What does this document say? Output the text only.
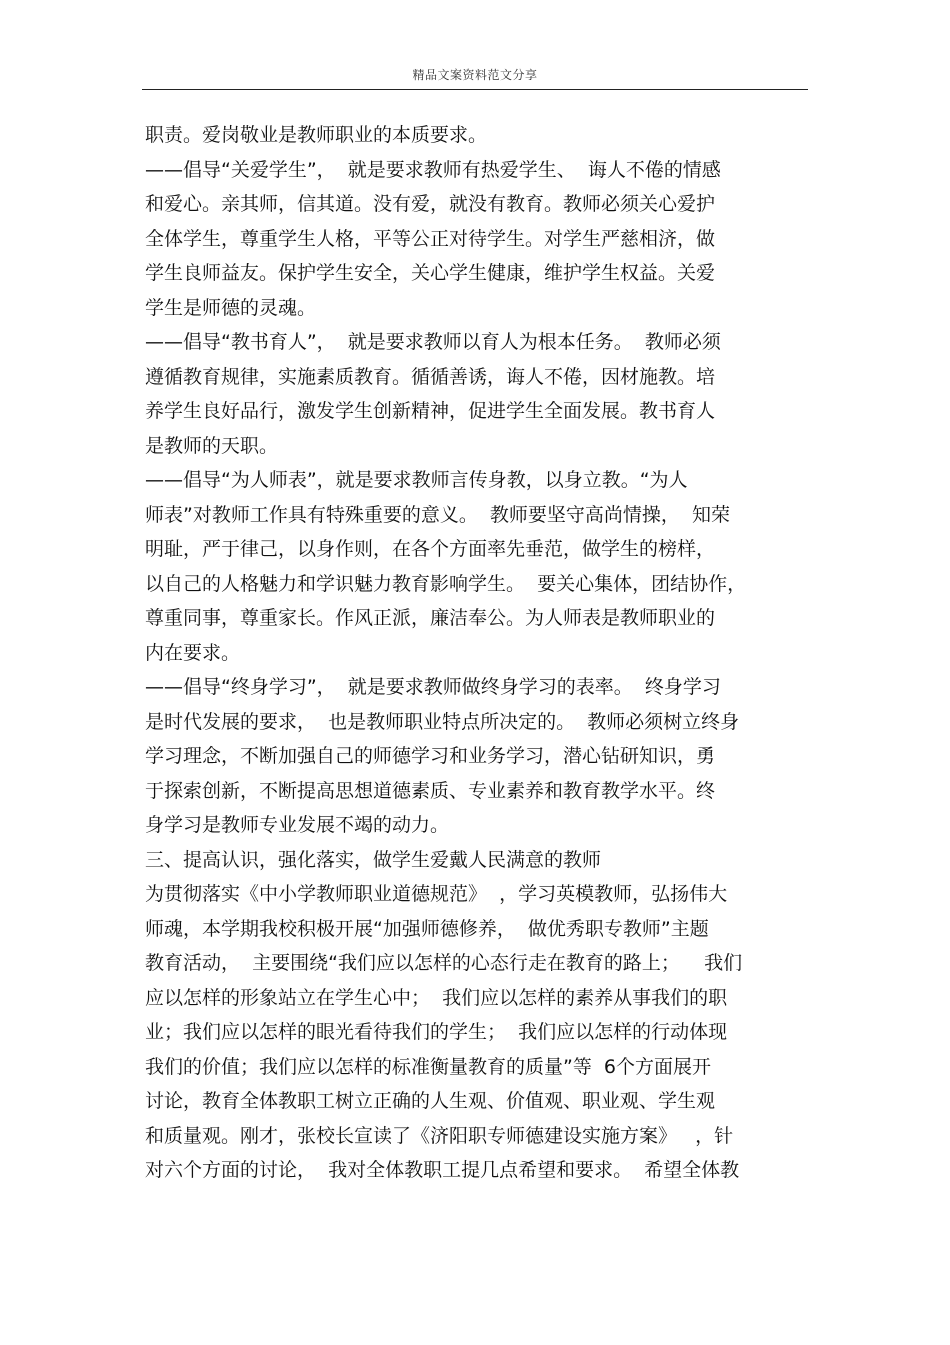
精品文案资料范文分享
职责。爱岗敬业是教师职业的本质要求。
——倡导“关爱学生”，  就是要求教师有热爱学生、  诲人不倦的情感
和爱心。亲其师，信其道。没有爱，就没有教育。教师必须关心爱护
全体学生，尊重学生人格，平等公正对待学生。对学生严慈相济，做
学生良师益友。保护学生安全，关心学生健康，维护学生权益。关爱
学生是师德的灵魂。
——倡导“教书育人”，  就是要求教师以育人为根本任务。  教师必须
遵循教育规律，实施素质教育。循循善诱，诲人不倦，因材施教。培
养学生良好品行，激发学生创新精神，促进学生全面发展。教书育人
是教师的天职。
——倡导“为人师表”，就是要求教师言传身教，以身立教。“为人
师表”对教师工作具有特殊重要的意义。  教师要坚守高尚情操，  知荣
明耻，严于律己，以身作则，在各个方面率先垂范，做学生的榜样，
以自己的人格魅力和学识魅力教育影响学生。  要关心集体，团结协作，
尊重同事，尊重家长。作风正派，廉洁奉公。为人师表是教师职业的
内在要求。
——倡导“终身学习”，  就是要求教师做终身学习的表率。  终身学习
是时代发展的要求，  也是教师职业特点所决定的。  教师必须树立终身
学习理念，不断加强自己的师德学习和业务学习，潜心钻研知识，勇
于探索创新，不断提高思想道德素质、专业素养和教育教学水平。终
身学习是教师专业发展不竭的动力。
三、提高认识，强化落实，做学生爱戴人民满意的教师
为贯彻落实《中小学教师职业道德规范》  ，学习英模教师，弘扬伟大
师魂，本学期我校积极开展“加强师德修养，  做优秀职专教师”主题
教育活动，  主要围绕“我们应以怎样的心态行走在教育的路上；    我们
应以怎样的形象站立在学生心中；  我们应以怎样的素养从事我们的职
业；我们应以怎样的眼光看待我们的学生；  我们应以怎样的行动体现
我们的价值；我们应以怎样的标准衡量教育的质量”等  6个方面展开
讨论，教育全体教职工树立正确的人生观、价值观、职业观、学生观
和质量观。刚才，张校长宣读了《济阳职专师德建设实施方案》   ，针
对六个方面的讨论，  我对全体教职工提几点希望和要求。  希望全体教
